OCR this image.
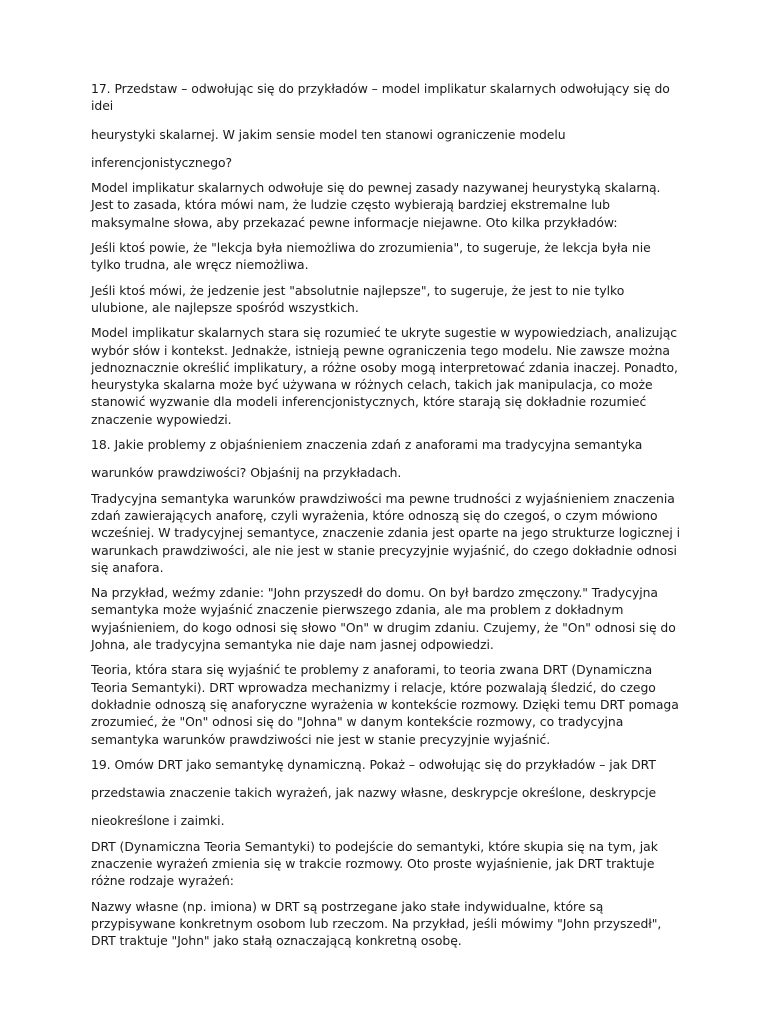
17. Przedstaw – odwołując się do przykładów – model implikatur skalarnych odwołujący się do idei

heurystyki skalarnej. W jakim sensie model ten stanowi ograniczenie modelu

inferencjonistycznego?

Model implikatur skalarnych odwołuje się do pewnej zasady nazywanej heurystyką skalarną. Jest to zasada, która mówi nam, że ludzie często wybierają bardziej ekstremalne lub maksymalne słowa, aby przekazać pewne informacje niejawne. Oto kilka przykładów:

Jeśli ktoś powie, że "lekcja była niemożliwa do zrozumienia", to sugeruje, że lekcja była nie tylko trudna, ale wręcz niemożliwa.

Jeśli ktoś mówi, że jedzenie jest "absolutnie najlepsze", to sugeruje, że jest to nie tylko ulubione, ale najlepsze spośród wszystkich.

Model implikatur skalarnych stara się rozumieć te ukryte sugestie w wypowiedziach, analizując wybór słów i kontekst. Jednakże, istnieją pewne ograniczenia tego modelu. Nie zawsze można jednoznacznie określić implikatury, a różne osoby mogą interpretować zdania inaczej. Ponadto, heurystyka skalarna może być używana w różnych celach, takich jak manipulacja, co może stanowić wyzwanie dla modeli inferencjonistycznych, które starają się dokładnie rozumieć znaczenie wypowiedzi.

18. Jakie problemy z objaśnieniem znaczenia zdań z anaforami ma tradycyjna semantyka

warunków prawdziwości? Objaśnij na przykładach.

Tradycyjna semantyka warunków prawdziwości ma pewne trudności z wyjaśnieniem znaczenia zdań zawierających anaforę, czyli wyrażenia, które odnoszą się do czegoś, o czym mówiono wcześniej. W tradycyjnej semantyce, znaczenie zdania jest oparte na jego strukturze logicznej i warunkach prawdziwości, ale nie jest w stanie precyzyjnie wyjaśnić, do czego dokładnie odnosi się anafora.

Na przykład, weźmy zdanie: "John przyszedł do domu. On był bardzo zmęczony." Tradycyjna semantyka może wyjaśnić znaczenie pierwszego zdania, ale ma problem z dokładnym wyjaśnieniem, do kogo odnosi się słowo "On" w drugim zdaniu. Czujemy, że "On" odnosi się do Johna, ale tradycyjna semantyka nie daje nam jasnej odpowiedzi.

Teoria, która stara się wyjaśnić te problemy z anaforami, to teoria zwana DRT (Dynamiczna Teoria Semantyki). DRT wprowadza mechanizmy i relacje, które pozwalają śledzić, do czego dokładnie odnoszą się anaforyczne wyrażenia w kontekście rozmowy. Dzięki temu DRT pomaga zrozumieć, że "On" odnosi się do "Johna" w danym kontekście rozmowy, co tradycyjna semantyka warunków prawdziwości nie jest w stanie precyzyjnie wyjaśnić.

19. Omów DRT jako semantykę dynamiczną. Pokaż – odwołując się do przykładów – jak DRT

przedstawia znaczenie takich wyrażeń, jak nazwy własne, deskrypcje określone, deskrypcje

nieokreślone i zaimki.

DRT (Dynamiczna Teoria Semantyki) to podejście do semantyki, które skupia się na tym, jak znaczenie wyrażeń zmienia się w trakcie rozmowy. Oto proste wyjaśnienie, jak DRT traktuje różne rodzaje wyrażeń:

Nazwy własne (np. imiona) w DRT są postrzegane jako stałe indywidualne, które są przypisywane konkretnym osobom lub rzeczom. Na przykład, jeśli mówimy "John przyszedł", DRT traktuje "John" jako stałą oznaczającą konkretną osobę.
